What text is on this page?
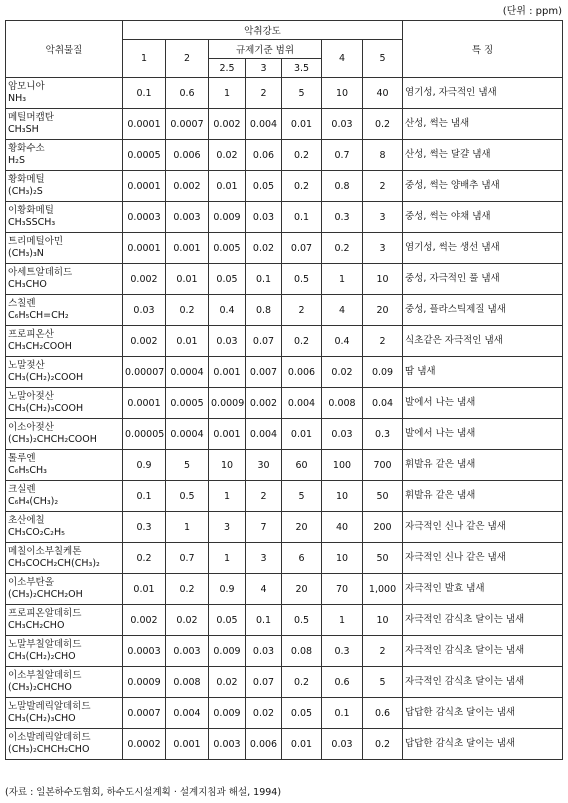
(단위 : ppm)
악취물질	악취강도							특 징
	1	2	규제기준 범위			4	5	
			2.5	3	3.5			

암모니아
NH₃	0.1	0.6	1	2	5	10	40	염기성, 자극적인 냄새

메틸머캡탄
CH₃SH	0.0001	0.0007	0.002	0.004	0.01	0.03	0.2	산성, 썩는 냄새

황화수소
H₂S	0.0005	0.006	0.02	0.06	0.2	0.7	8	산성, 썩는 달걀 냄새

황화메틸
(CH₃)₂S	0.0001	0.002	0.01	0.05	0.2	0.8	2	중성, 썩는 양배추 냄새

이황화메틸
CH₃SSCH₃	0.0003	0.003	0.009	0.03	0.1	0.3	3	중성, 썩는 야채 냄새

트리메틸아민
(CH₃)₃N	0.0001	0.001	0.005	0.02	0.07	0.2	3	염기성, 썩는 생선 냄새

아세트알데히드
CH₃CHO	0.002	0.01	0.05	0.1	0.5	1	10	중성, 자극적인 풀 냄새

스칠렌
C₆H₅CH=CH₂	0.03	0.2	0.4	0.8	2	4	20	중성, 플라스틱제질 냄새

프로피온산
CH₃CH₂COOH	0.002	0.01	0.03	0.07	0.2	0.4	2	식초같은 자극적인 냄새

노말젖산
CH₃(CH₂)₂COOH	0.00007	0.0004	0.001	0.007	0.006	0.02	0.09	땀 냄새

노말아젖산
CH₃(CH₂)₃COOH	0.0001	0.0005	0.0009	0.002	0.004	0.008	0.04	발에서 나는 냄새

이소아젖산
(CH₃)₂CHCH₂COOH	0.00005	0.0004	0.001	0.004	0.01	0.03	0.3	발에서 나는 냄새

톨루엔
C₆H₅CH₃	0.9	5	10	30	60	100	700	휘발유 같은 냄새

크실렌
C₆H₄(CH₃)₂	0.1	0.5	1	2	5	10	50	휘발유 같은 냄새

초산에칠
CH₃CO₂C₂H₅	0.3	1	3	7	20	40	200	자극적인 신나 같은 냄새

메칠이소부칠케톤
CH₃COCH₂CH(CH₃)₂	0.2	0.7	1	3	6	10	50	자극적인 신나 같은 냄새

이소부탄올
(CH₃)₂CHCH₂OH	0.01	0.2	0.9	4	20	70	1,000	자극적인 발효 냄새

프로피온알데히드
CH₃CH₂CHO	0.002	0.02	0.05	0.1	0.5	1	10	자극적인 감식초 달이는 냄새

노말부칠알데히드
CH₃(CH₂)₂CHO	0.0003	0.003	0.009	0.03	0.08	0.3	2	자극적인 감식초 달이는 냄새

이소부칠알데히드
(CH₃)₂CHCHO	0.0009	0.008	0.02	0.07	0.2	0.6	5	자극적인 감식초 달이는 냄새

노말발레릭알데히드
CH₃(CH₂)₃CHO	0.0007	0.004	0.009	0.02	0.05	0.1	0.6	답답한 감식초 달이는 냄새

이소발레릭알데히드
(CH₃)₂CHCH₂CHO	0.0002	0.001	0.003	0.006	0.01	0.03	0.2	답답한 감식초 달이는 냄새
(자료 : 일본하수도협회, 하수도시설계획 · 설계지침과 해설, 1994)
